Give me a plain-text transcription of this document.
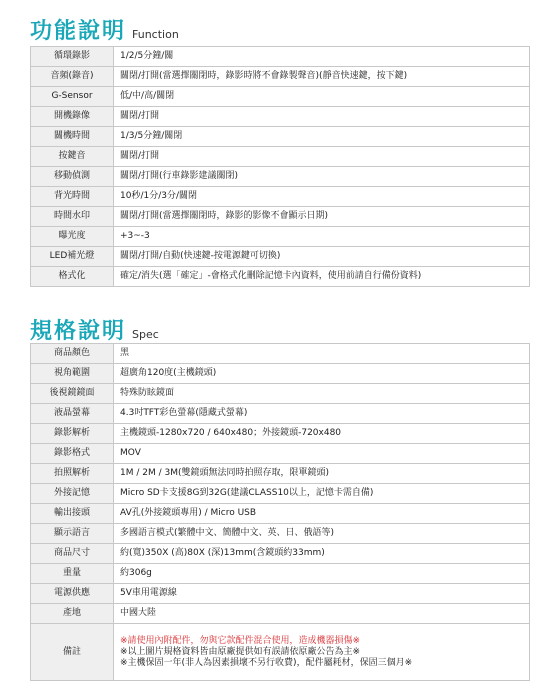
功能說明 Function
循環錄影	1/2/5分鐘/關
音頻(錄音)	關閉/打開(當選擇關閉時，錄影時將不會錄製聲音)(靜音快速鍵，按下鍵)
G-Sensor	低/中/高/關閉
開機錄像	關閉/打開
關機時間	1/3/5分鐘/關閉
按鍵音	關閉/打開
移動偵測	關閉/打開(行車錄影建議關閉)
背光時間	10秒/1分/3分/關閉
時間水印	關閉/打開(當選擇關閉時，錄影的影像不會顯示日期)
曝光度	+3~-3
LED補光燈	關閉/打開/自動(快速鍵-按電源鍵可切換)
格式化	確定/消失(選「確定」-會格式化刪除記憶卡內資料，使用前請自行備份資料)
規格說明 Spec
商品顏色	黑
視角範圍	超廣角120度(主機鏡頭)
後視鏡鏡面	特殊防眩鏡面
液晶螢幕	4.3吋TFT彩色螢幕(隱藏式螢幕)
錄影解析	主機鏡頭-1280x720 / 640x480；外接鏡頭-720x480
錄影格式	MOV
拍照解析	1M / 2M / 3M(雙鏡頭無法同時拍照存取，限單鏡頭)
外接記憶	Micro SD卡支援8G到32G(建議CLASS10以上，記憶卡需自備)
輸出接頭	AV孔(外接鏡頭專用) / Micro USB
顯示語言	多國語言模式(繁體中文、簡體中文、英、日、俄語等)
商品尺寸	約(寬)350X (高)80X (深)13mm(含鏡頭約33mm)
重量	約306g
電源供應	5V車用電源線
產地	中國大陸
備註	※請使用內附配件，勿與它款配件混合使用，造成機器損傷※
※以上圖片規格資料皆由原廠提供如有誤請依原廠公告為主※
※主機保固一年(非人為因素損壞不另行收費)，配件屬耗材，保固三個月※
